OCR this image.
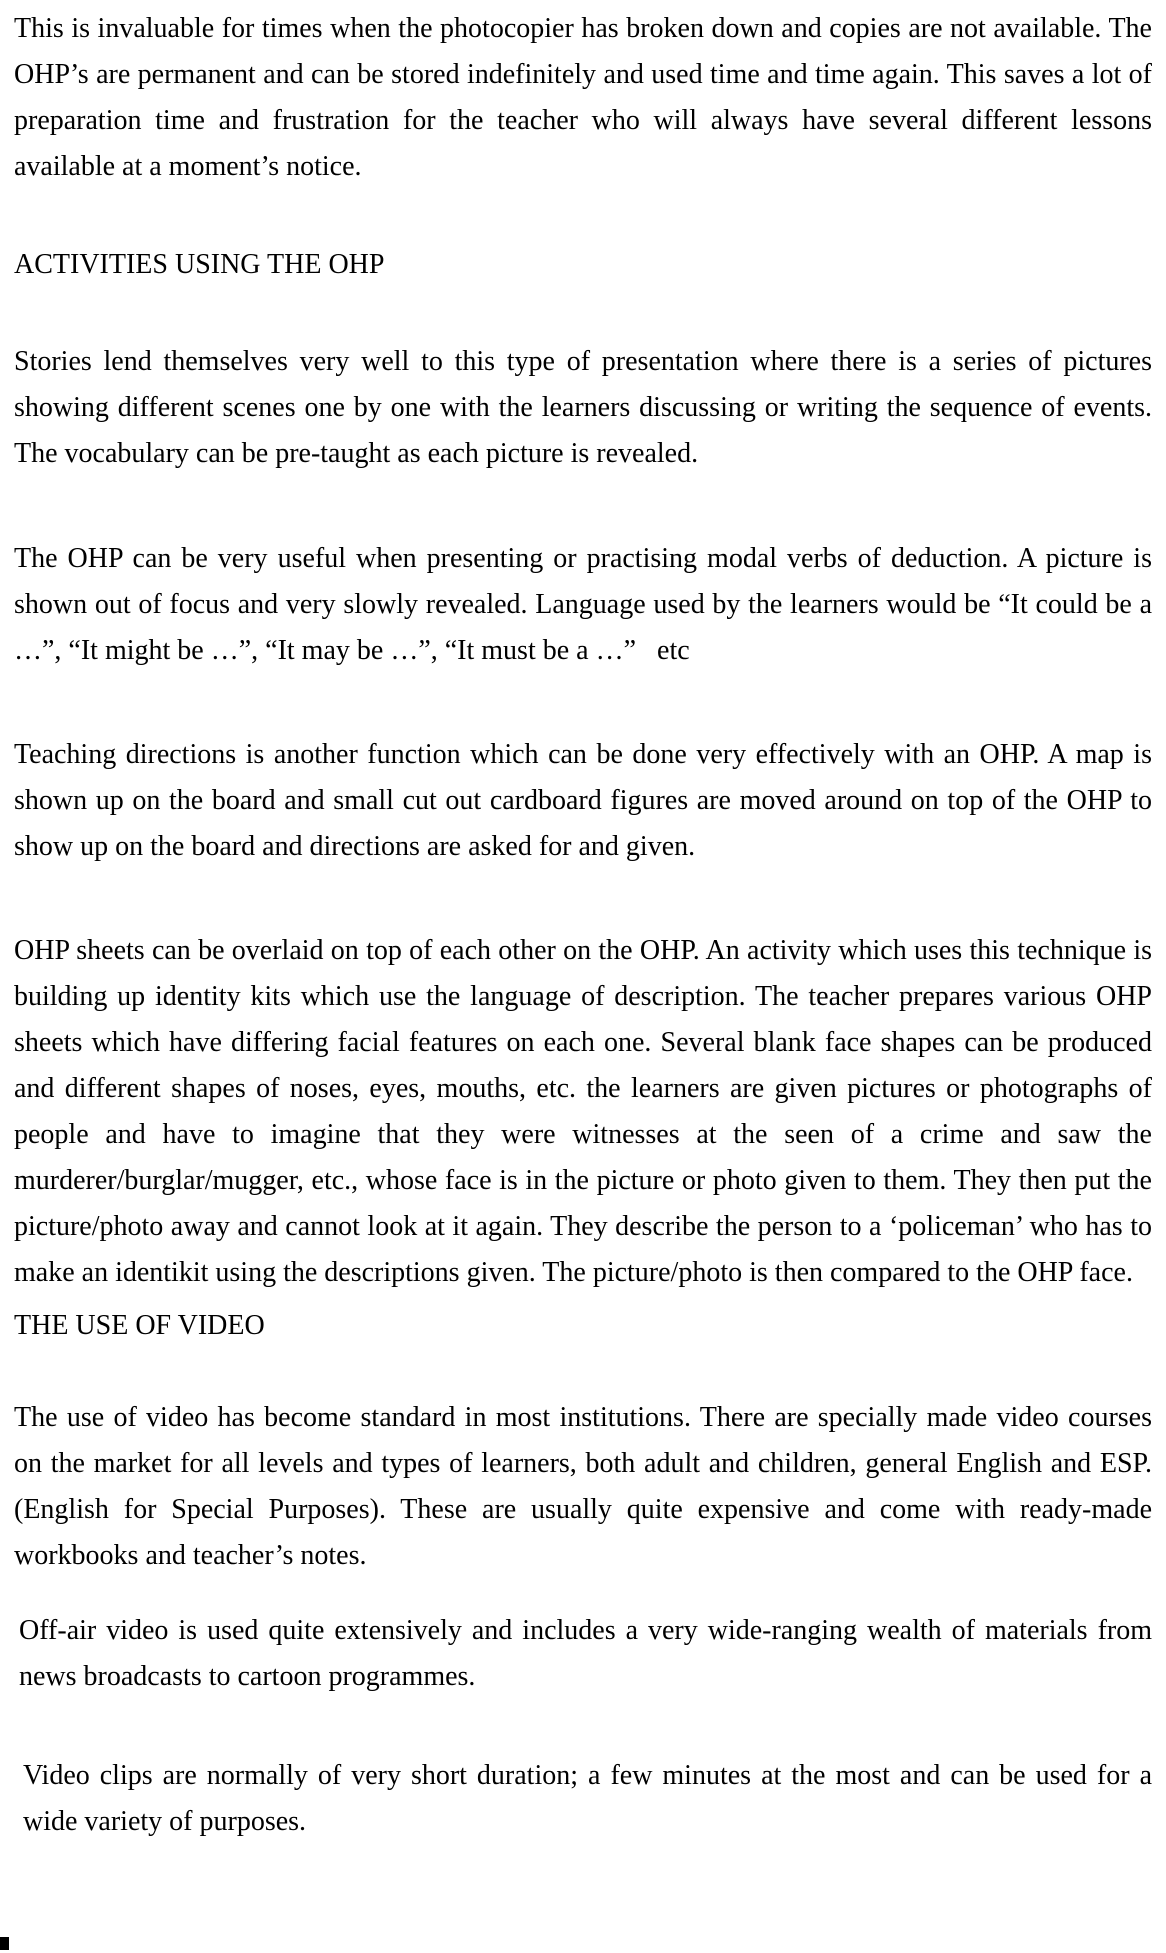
This is invaluable for times when the photocopier has broken down and copies are not available. The OHP’s are permanent and can be stored indefinitely and used time and time again. This saves a lot of preparation time and frustration for the teacher who will always have several different lessons available at a moment’s notice.

ACTIVITIES USING THE OHP

Stories lend themselves very well to this type of presentation where there is a series of pictures showing different scenes one by one with the learners discussing or writing the sequence of events. The vocabulary can be pre-taught as each picture is revealed.

The OHP can be very useful when presenting or practising modal verbs of deduction. A picture is shown out of focus and very slowly revealed. Language used by the learners would be “It could be a …”, “It might be …”, “It may be …”, “It must be a …”   etc

Teaching directions is another function which can be done very effectively with an OHP. A map is shown up on the board and small cut out cardboard figures are moved around on top of the OHP to show up on the board and directions are asked for and given.

OHP sheets can be overlaid on top of each other on the OHP. An activity which uses this technique is building up identity kits which use the language of description. The teacher prepares various OHP sheets which have differing facial features on each one. Several blank face shapes can be produced and different shapes of noses, eyes, mouths, etc. the learners are given pictures or photographs of people and have to imagine that they were witnesses at the seen of a crime and saw the murderer/burglar/mugger, etc., whose face is in the picture or photo given to them. They then put the picture/photo away and cannot look at it again. They describe the person to a ‘policeman’ who has to make an identikit using the descriptions given. The picture/photo is then compared to the OHP face.

THE USE OF VIDEO

The use of video has become standard in most institutions. There are specially made video courses on the market for all levels and types of learners, both adult and children, general English and ESP. (English for Special Purposes). These are usually quite expensive and come with ready-made workbooks and teacher’s notes.

Off-air video is used quite extensively and includes a very wide-ranging wealth of materials from news broadcasts to cartoon programmes.

Video clips are normally of very short duration; a few minutes at the most and can be used for a wide variety of purposes.
